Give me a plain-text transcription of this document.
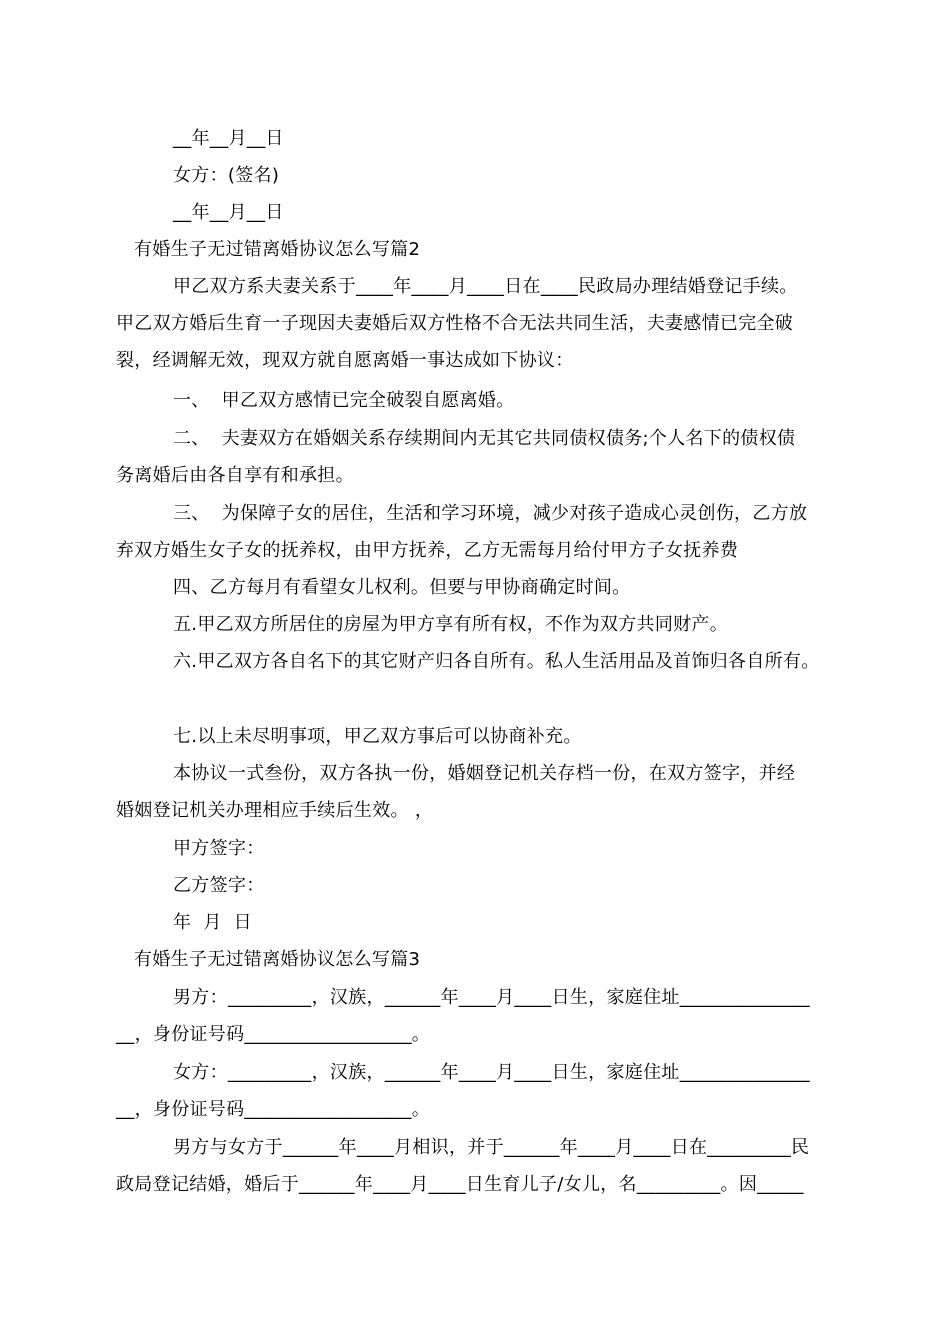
__年__月__日

女方：(签名)

__年__月__日

有婚生子无过错离婚协议怎么写篇2

甲乙双方系夫妻关系于____年____月____日在____民政局办理结婚登记手续。

甲乙双方婚后生育一子现因夫妻婚后双方性格不合无法共同生活，夫妻感情已完全破

裂，经调解无效，现双方就自愿离婚一事达成如下协议：

一、  甲乙双方感情已完全破裂自愿离婚。

二、  夫妻双方在婚姻关系存续期间内无其它共同债权债务;个人名下的债权债

务离婚后由各自享有和承担。

三、  为保障子女的居住，生活和学习环境，减少对孩子造成心灵创伤，乙方放

弃双方婚生女子女的抚养权，由甲方抚养，乙方无需每月给付甲方子女抚养费

四、乙方每月有看望女儿权利。但要与甲协商确定时间。

五.甲乙双方所居住的房屋为甲方享有所有权，不作为双方共同财产。

六.甲乙双方各自名下的其它财产归各自所有。私人生活用品及首饰归各自所有。

七.以上未尽明事项，甲乙双方事后可以协商补充。

本协议一式叁份，双方各执一份，婚姻登记机关存档一份，在双方签字，并经

婚姻登记机关办理相应手续后生效。 ，

甲方签字：

乙方签字：

年  月  日

有婚生子无过错离婚协议怎么写篇3

男方：_________，汉族，______年____月____日生，家庭住址______________

__，身份证号码__________________。

女方：_________，汉族，______年____月____日生，家庭住址______________

__，身份证号码__________________。

男方与女方于______年____月相识，并于______年____月____日在_________民

政局登记结婚，婚后于______年____月____日生育儿子/女儿，名_________。因_____
